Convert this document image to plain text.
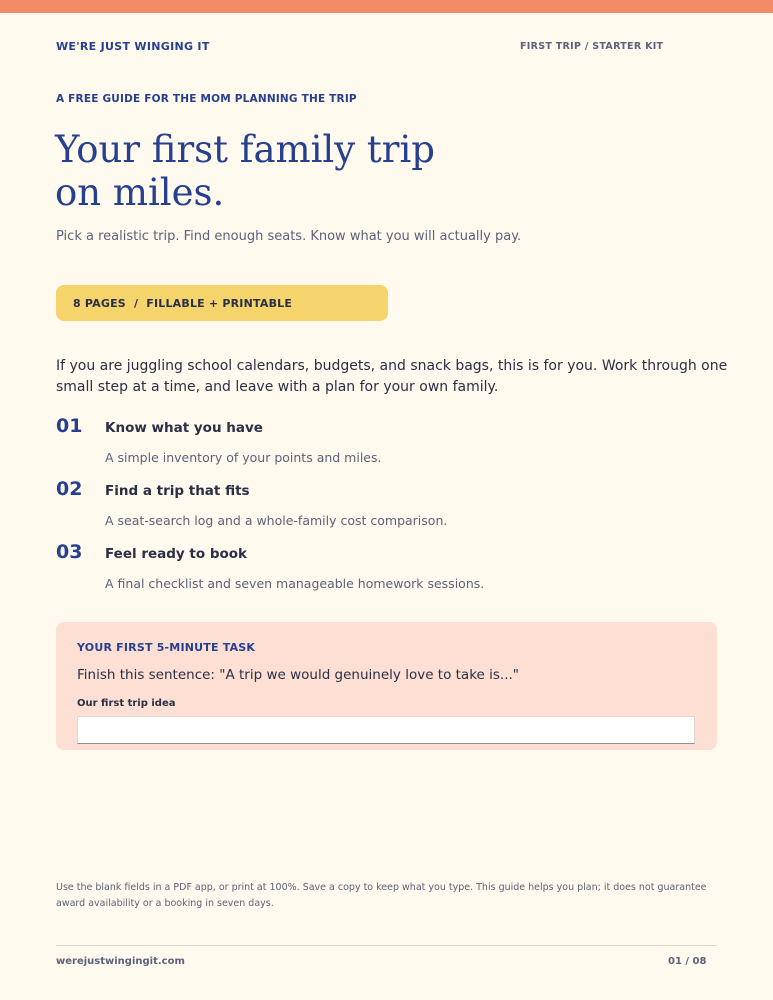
WE'RE JUST WINGING IT	FIRST TRIP / STARTER KIT
A FREE GUIDE FOR THE MOM PLANNING THE TRIP
Your first family trip on miles.
Pick a realistic trip. Find enough seats. Know what you will actually pay.
8 PAGES  /  FILLABLE + PRINTABLE

If you are juggling school calendars, budgets, and snack bags, this is for you. Work through one small step at a time, and leave with a plan for your own family.

01 Know what you have
A simple inventory of your points and miles.
02 Find a trip that fits
A seat-search log and a whole-family cost comparison.
03 Feel ready to book
A final checklist and seven manageable homework sessions.
YOUR FIRST 5-MINUTE TASK
Finish this sentence: "A trip we would genuinely love to take is..."
Our first trip idea

Use the blank fields in a PDF app, or print at 100%. Save a copy to keep what you type. This guide helps you plan; it does not guarantee award availability or a booking in seven days.

werejustwingingit.com	01 / 08
